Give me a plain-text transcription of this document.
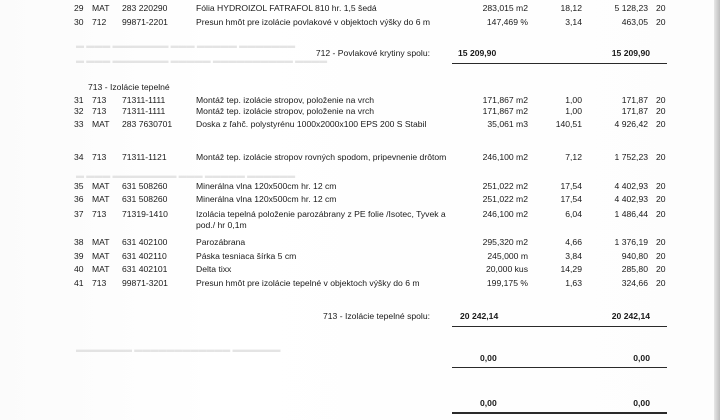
▬ ▬▬▬ ▬▬▬▬▬▬▬ ▬▬▬ ▬▬▬▬▬ ▬▬▬▬▬▬▬
▬ ▬▬▬ ▬▬▬▬▬▬▬ ▬▬▬▬▬ ▬▬▬▬▬▬▬▬▬▬ ▬▬▬▬
▬ ▬▬▬ ▬▬▬▬▬▬▬▬ ▬▬▬ ▬▬▬▬▬ ▬▬▬▬▬▬
▬▬▬▬▬▬▬ ▬▬▬▬▬▬▬▬▬▬▬▬ ▬▬▬▬▬▬
29 MAT	283 220290	Fólia HYDROIZOL FATRAFOL 810 hr. 1,5 šedá	283,015 m2	18,12	5 128,23 20
30 712	99871-2201	Presun hmôt pre izolácie povlakové v objektoch výšky do 6 m	147,469 %	3,14	463,05 20
712 - Povlakové krytiny spolu:	15 209,90	15 209,90
713 - Izolácie tepelné
31 713	71311-1111	Montáž tep. izolácie stropov, položenie na vrch	171,867 m2	1,00	171,87 20
32 713	71311-1111	Montáž tep. izolácie stropov, položenie na vrch	171,867 m2	1,00	171,87 20
33 MAT	283 7630701	Doska z ľahč. polystyrénu 1000x2000x100 EPS 200 S Stabil	35,061 m3	140,51	4 926,42 20
34 713	71311-1121	Montáž tep. izolácie stropov rovných spodom, pripevnenie drôtom	246,100 m2	7,12	1 752,23 20
35 MAT	631 508260	Minerálna vlna 120x500cm hr. 12 cm	251,022 m2	17,54	4 402,93 20
36 MAT	631 508260	Minerálna vlna 120x500cm hr. 12 cm	251,022 m2	17,54	4 402,93 20
37 713	71319-1410	Izolácia tepelná položenie parozábrany z PE folie /Isotec, Tyvek a	246,100 m2	6,04	1 486,44 20
pod./ hr 0,1m
38 MAT	631 402100	Parozábrana	295,320 m2	4,66	1 376,19 20
39 MAT	631 402110	Páska tesniaca šírka 5 cm	245,000 m	3,84	940,80 20
40 MAT	631 402101	Delta tixx	20,000 kus	14,29	285,80 20
41 713	99871-3201	Presun hmôt pre izolácie tepelné v objektoch výšky do 6 m	199,175 %	1,63	324,66 20
713 - Izolácie tepelné spolu:	20 242,14	20 242,14
0,00	0,00
0,00	0,00
